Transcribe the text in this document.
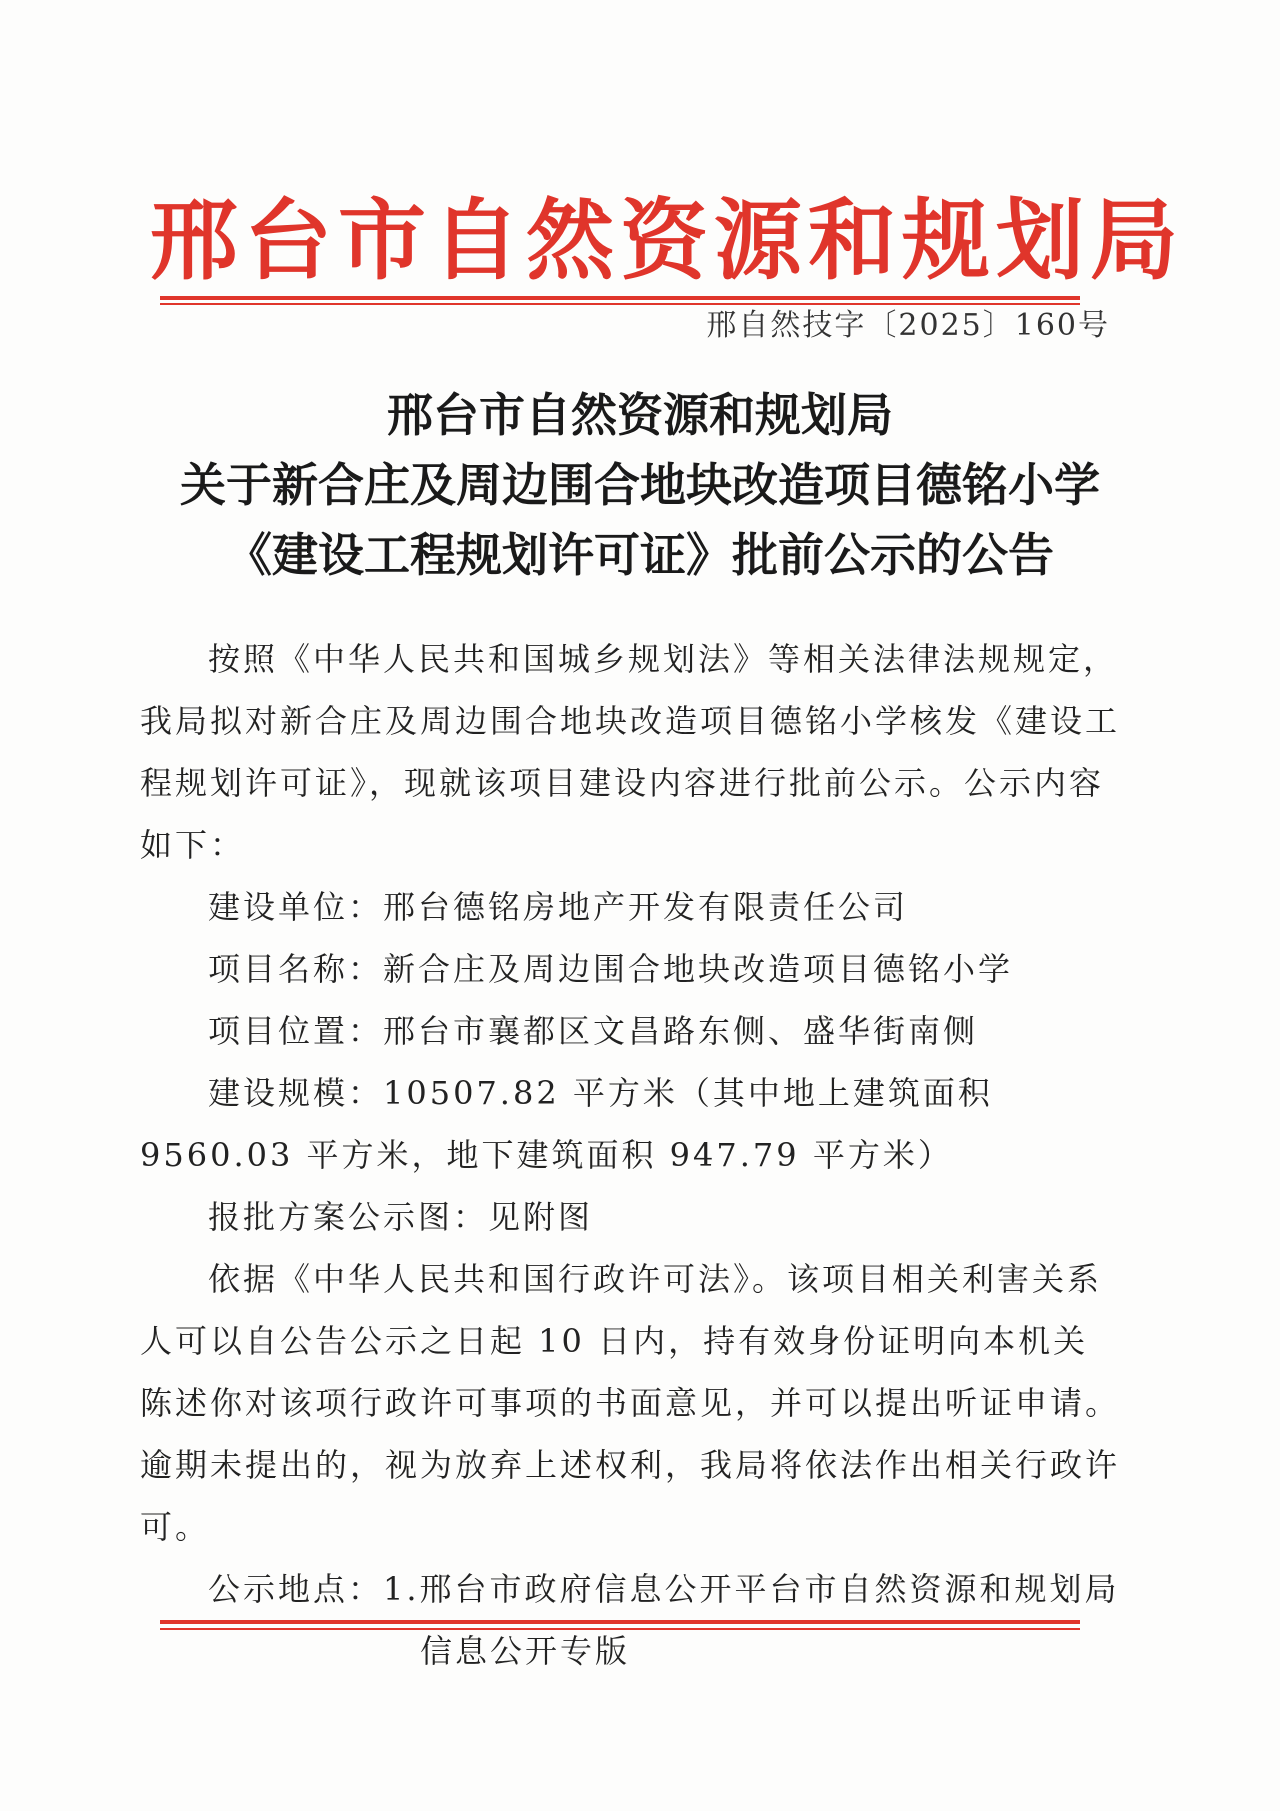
邢台市自然资源和规划局
邢自然技字〔2025〕160号
邢台市自然资源和规划局
关于新合庄及周边围合地块改造项目德铭小学
《建设工程规划许可证》批前公示的公告

按照《中华人民共和国城乡规划法》等相关法律法规规定，我局拟对新合庄及周边围合地块改造项目德铭小学核发《建设工程规划许可证》，现就该项目建设内容进行批前公示。公示内容如下：

建设单位：邢台德铭房地产开发有限责任公司

项目名称：新合庄及周边围合地块改造项目德铭小学

项目位置：邢台市襄都区文昌路东侧、盛华街南侧

建设规模：10507.82 平方米（其中地上建筑面积 9560.03 平方米，地下建筑面积 947.79 平方米）

报批方案公示图：见附图

依据《中华人民共和国行政许可法》。该项目相关利害关系人可以自公告公示之日起 10 日内，持有效身份证明向本机关陈述你对该项行政许可事项的书面意见，并可以提出听证申请。逾期未提出的，视为放弃上述权利，我局将依法作出相关行政许可。

公示地点：1.邢台市政府信息公开平台市自然资源和规划局

信息公开专版
